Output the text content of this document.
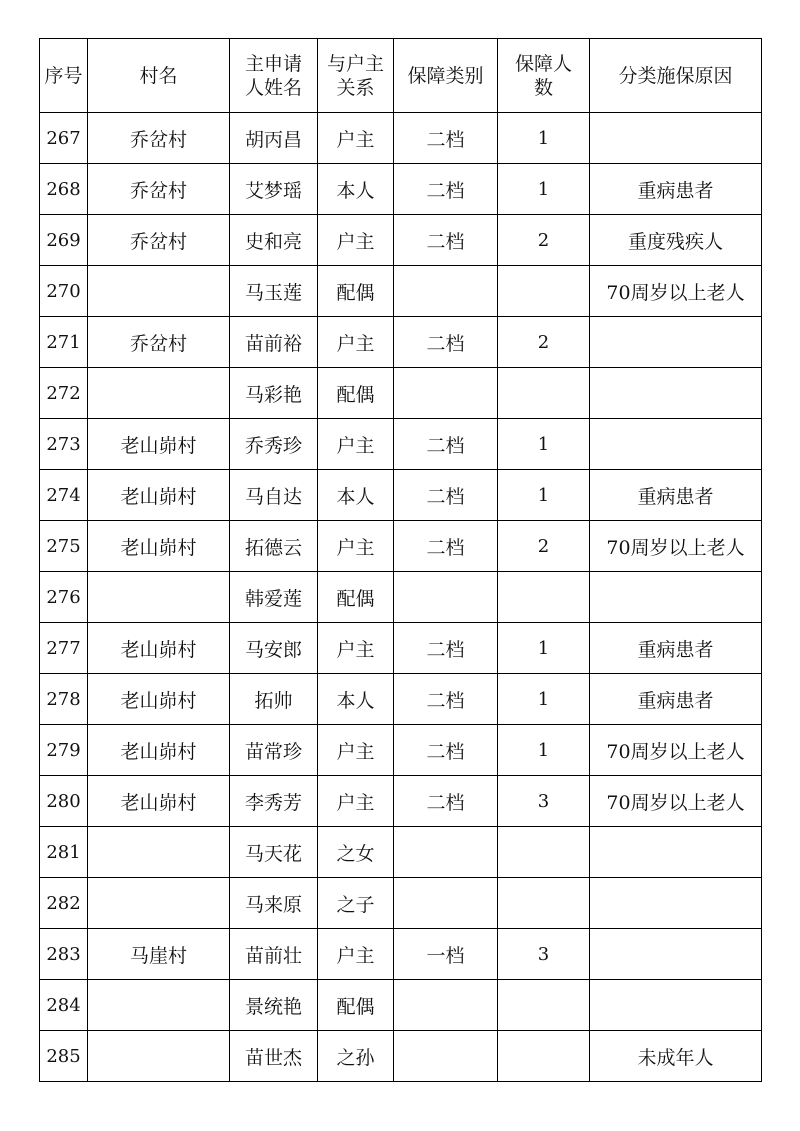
序号	村名	主申请人姓名	与户主关系	保障类别	保障人数	分类施保原因
267	乔岔村	胡丙昌	户主	二档	1	
268	乔岔村	艾梦瑶	本人	二档	1	重病患者
269	乔岔村	史和亮	户主	二档	2	重度残疾人
270		马玉莲	配偶			70周岁以上老人
271	乔岔村	苗前裕	户主	二档	2	
272		马彩艳	配偶			
273	老山峁村	乔秀珍	户主	二档	1	
274	老山峁村	马自达	本人	二档	1	重病患者
275	老山峁村	拓德云	户主	二档	2	70周岁以上老人
276		韩爱莲	配偶			
277	老山峁村	马安郎	户主	二档	1	重病患者
278	老山峁村	拓帅	本人	二档	1	重病患者
279	老山峁村	苗常珍	户主	二档	1	70周岁以上老人
280	老山峁村	李秀芳	户主	二档	3	70周岁以上老人
281		马天花	之女			
282		马来原	之子			
283	马崖村	苗前壮	户主	一档	3	
284		景统艳	配偶			
285		苗世杰	之孙			未成年人
